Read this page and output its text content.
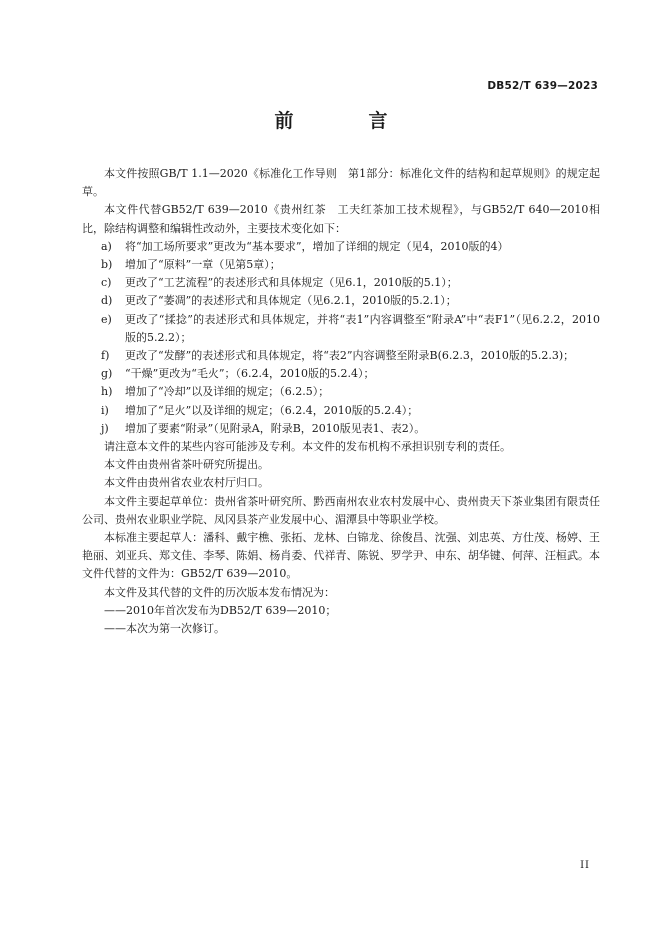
DB52/T 639—2023
前　言

本文件按照GB/T 1.1—2020《标准化工作导则　第1部分：标准化文件的结构和起草规则》的规定起草。

本文件代替GB52/T 639—2010《贵州红茶　工夫红茶加工技术规程》，与GB52/T 640—2010相比，除结构调整和编辑性改动外，主要技术变化如下：

a)	将“加工场所要求”更改为“基本要求”，增加了详细的规定（见4，2010版的4）
b)	增加了“原料”一章（见第5章）；
c)	更改了“工艺流程”的表述形式和具体规定（见6.1，2010版的5.1）；
d)	更改了“萎凋”的表述形式和具体规定（见6.2.1，2010版的5.2.1）；
e)	更改了“揉捻”的表述形式和具体规定，并将“表1”内容调整至“附录A”中“表F1”（见6.2.2，2010版的5.2.2）；
f)	更改了“发酵”的表述形式和具体规定，将“表2”内容调整至附录B(6.2.3，2010版的5.2.3)；
g)	“干燥”更改为“毛火”；（6.2.4，2010版的5.2.4）；
h)	增加了“冷却”以及详细的规定；（6.2.5）；
i)	增加了“足火”以及详细的规定；（6.2.4，2010版的5.2.4）；
j)	增加了要素“附录”（见附录A，附录B，2010版见表1、表2）。

请注意本文件的某些内容可能涉及专利。本文件的发布机构不承担识别专利的责任。

本文件由贵州省茶叶研究所提出。

本文件由贵州省农业农村厅归口。

本文件主要起草单位：贵州省茶叶研究所、黔西南州农业农村发展中心、贵州贵天下茶业集团有限责任公司、贵州农业职业学院、凤冈县茶产业发展中心、湄潭县中等职业学校。

本标准主要起草人：潘科、戴宇樵、张拓、龙林、白锦龙、徐俊昌、沈强、刘忠英、方仕茂、杨婷、王艳丽、刘亚兵、郑文佳、李琴、陈娟、杨肖委、代祥青、陈锐、罗学尹、申东、胡华键、何萍、汪桓武。本文件代替的文件为：GB52/T 639—2010。

本文件及其代替的文件的历次版本发布情况为：

——2010年首次发布为DB52/T 639—2010；

——本次为第一次修订。

II
